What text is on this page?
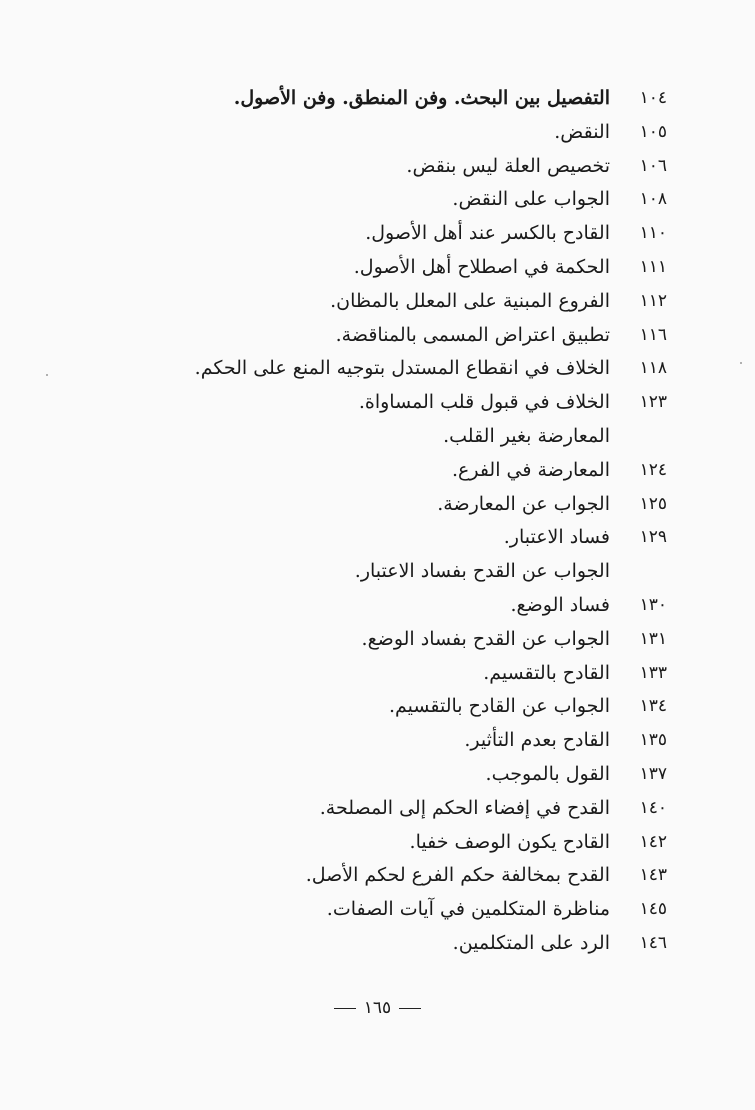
١٠٤
التفصيل بين البحث. وفن المنطق. وفن الأصول.
١٠٥
النقض.
١٠٦
تخصيص العلة ليس بنقض.
١٠٨
الجواب على النقض.
١١٠
القادح بالكسر عند أهل الأصول.
١١١
الحكمة في اصطلاح أهل الأصول.
١١٢
الفروع المبنية على المعلل بالمظان.
١١٦
تطبيق اعتراض المسمى بالمناقضة.
١١٨
الخلاف في انقطاع المستدل بتوجيه المنع على الحكم.
١٢٣
الخلاف في قبول قلب المساواة.
المعارضة بغير القلب.
١٢٤
المعارضة في الفرع.
١٢٥
الجواب عن المعارضة.
١٢٩
فساد الاعتبار.
الجواب عن القدح بفساد الاعتبار.
١٣٠
فساد الوضع.
١٣١
الجواب عن القدح بفساد الوضع.
١٣٣
القادح بالتقسيم.
١٣٤
الجواب عن القادح بالتقسيم.
١٣٥
القادح بعدم التأثير.
١٣٧
القول بالموجب.
١٤٠
القدح في إفضاء الحكم إلى المصلحة.
١٤٢
القادح يكون الوصف خفيا.
١٤٣
القدح بمخالفة حكم الفرع لحكم الأصل.
١٤٥
مناظرة المتكلمين في آيات الصفات.
١٤٦
الرد على المتكلمين.
١٦٥
